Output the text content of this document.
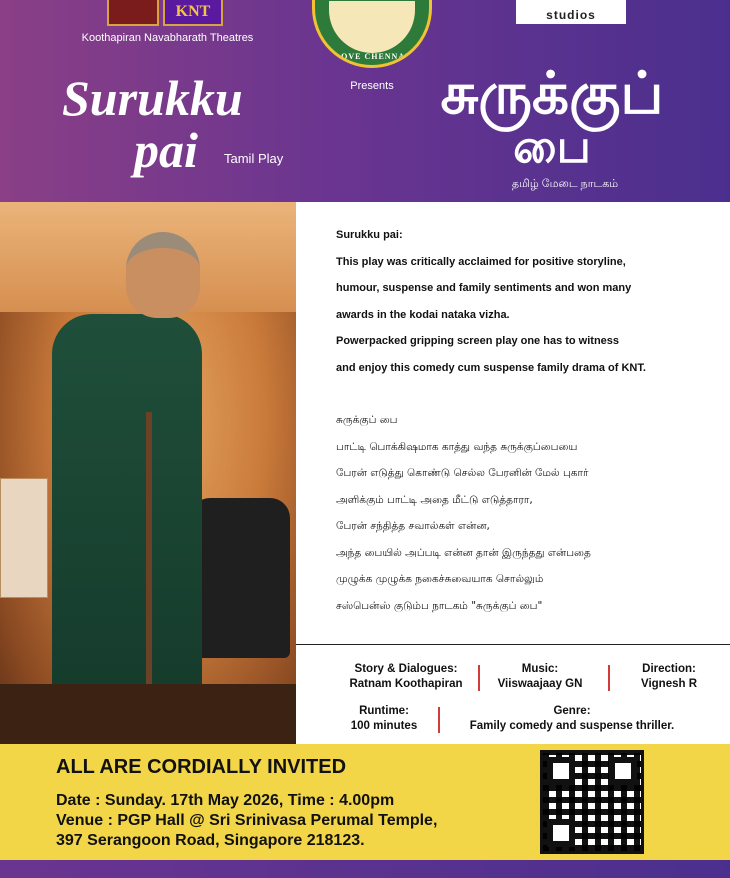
KNT
Koothapiran Navabharath Theatres
LOVE CHENNAI
Presents
studios
Surukku
pai	Tamil Play
சுருக்குப்
பை
தமிழ் மேடை நாடகம்

Surukku pai:

This play was critically acclaimed for positive storyline,

humour, suspense and family sentiments and won many

awards in the kodai nataka vizha.

Powerpacked gripping screen play one has to witness

and enjoy this comedy cum suspense family drama of KNT.

சுருக்குப் பை

பாட்டி பொக்கிஷமாக காத்து வந்த சுருக்குப்பையை

பேரன் எடுத்து கொண்டு செல்ல பேரனின் மேல் புகார்

அளிக்கும் பாட்டி அதை மீட்டு எடுத்தாரா,

பேரன் சந்தித்த சவால்கள் என்ன,

அந்த பையில் அப்படி என்ன தான் இருந்தது என்பதை

முழுக்க முழுக்க நகைச்சுவையாக சொல்லும்

சஸ்பென்ஸ் குடும்ப நாடகம் "சுருக்குப் பை"

Story & Dialogues:
Ratnam Koothapiran
Music:
Viiswaajaay GN
Direction:
Vignesh R
Runtime:
100 minutes
Genre:
Family comedy and suspense thriller.
ALL ARE CORDIALLY INVITED
Date : Sunday. 17th May 2026, Time : 4.00pm
Venue : PGP Hall @ Sri Srinivasa Perumal Temple,
397 Serangoon Road, Singapore 218123.
